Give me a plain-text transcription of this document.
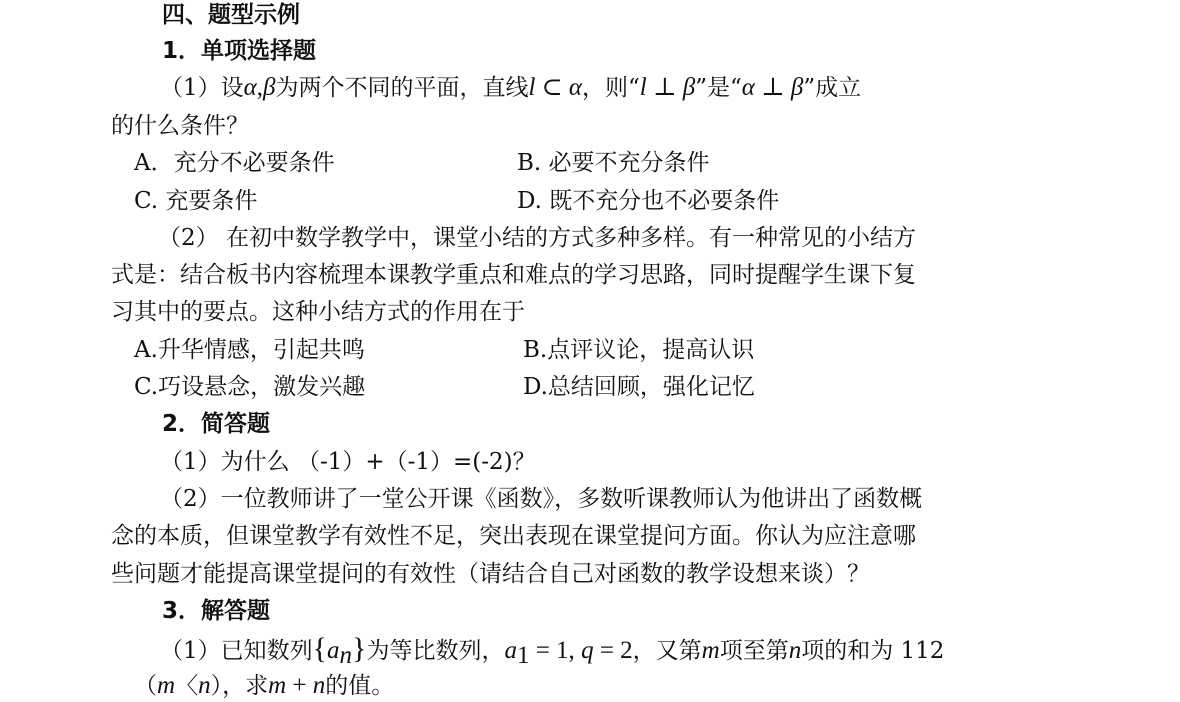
四、题型示例
1．单项选择题
（1）设α,β为两个不同的平面，直线l ⊂ α，则“l ⊥ β”是“α ⊥ β”成立
的什么条件？
A．充分不必要条件	B. 必要不充分条件
C. 充要条件	D. 既不充分也不必要条件
（2） 在初中数学教学中，课堂小结的方式多种多样。有一种常见的小结方
式是：结合板书内容梳理本课教学重点和难点的学习思路，同时提醒学生课下复
习其中的要点。这种小结方式的作用在于
A.升华情感，引起共鸣	B.点评议论，提高认识
C.巧设悬念，激发兴趣	D.总结回顾，强化记忆
2．简答题
（1）为什么 （-1）+（-1）=(-2)？
（2）一位教师讲了一堂公开课《函数》，多数听课教师认为他讲出了函数概
念的本质，但课堂教学有效性不足，突出表现在课堂提问方面。你认为应注意哪
些问题才能提高课堂提问的有效性（请结合自己对函数的教学设想来谈）？
3．解答题
（1）已知数列$\{a_n\}$为等比数列，$a_1 = 1$, q = 2，又第m项至第n项的和为 112
（m〈n），求m + n的值。
